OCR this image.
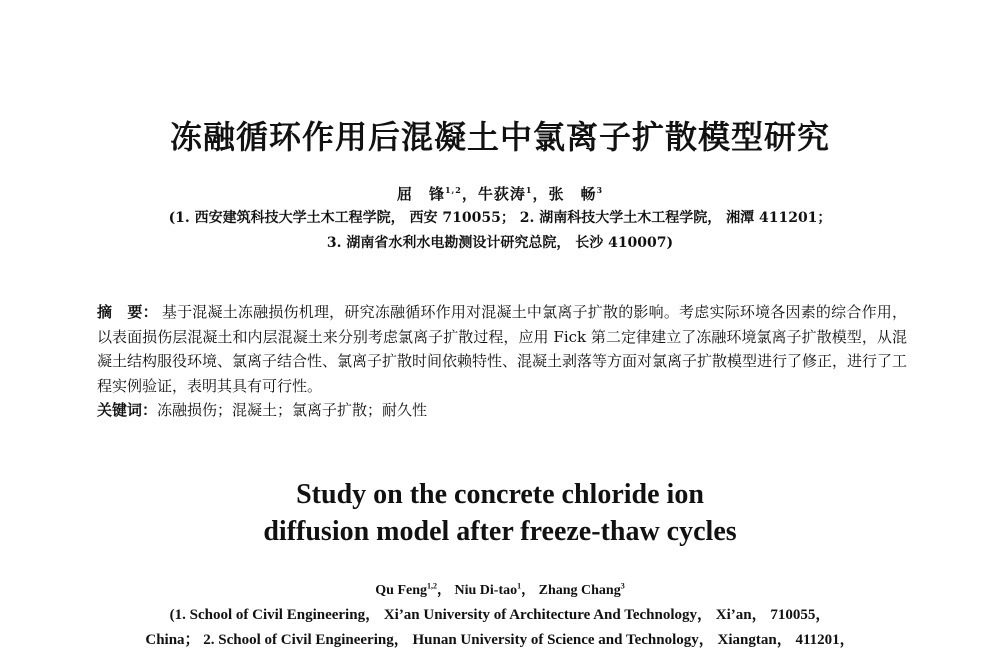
冻融循环作用后混凝土中氯离子扩散模型研究
屈　锋$^{1,2}$，牛荻涛$^1$，张　畅$^3$
(1. 西安建筑科技大学土木工程学院， 西安 710055； 2. 湖南科技大学土木工程学院， 湘潭 411201；
3. 湖南省水利水电勘测设计研究总院， 长沙 410007)
摘　要： 基于混凝土冻融损伤机理，研究冻融循环作用对混凝土中氯离子扩散的影响。考虑实际环境各因素的综合作用，以表面损伤层混凝土和内层混凝土来分别考虑氯离子扩散过程，应用 Fick 第二定律建立了冻融环境氯离子扩散模型，从混凝土结构服役环境、氯离子结合性、氯离子扩散时间依赖特性、混凝土剥落等方面对氯离子扩散模型进行了修正，进行了工程实例验证，表明其具有可行性。
关键词：冻融损伤；混凝土；氯离子扩散；耐久性
Study on the concrete chloride ion
diffusion model after freeze-thaw cycles
Qu Feng$^{1,2}$， Niu Di-tao$^1$， Zhang Chang$^3$
(1. School of Civil Engineering， Xi’an University of Architecture And Technology， Xi’an， 710055，
China； 2. School of Civil Engineering， Hunan University of Science and Technology， Xiangtan， 411201，
